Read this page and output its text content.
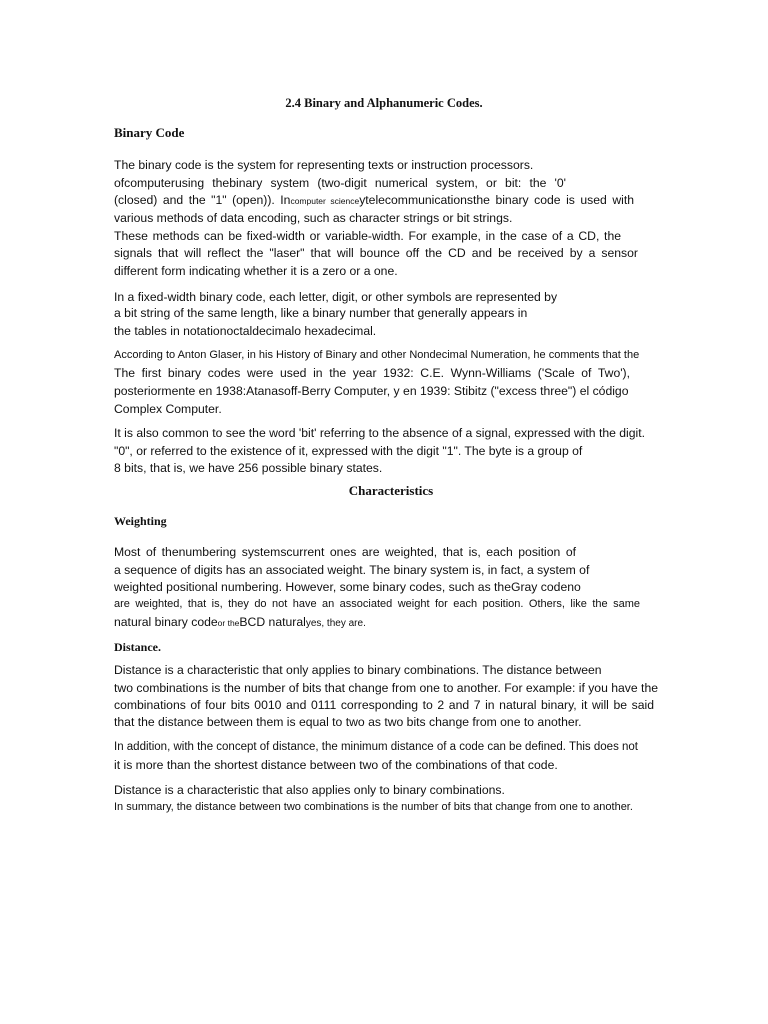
2.4 Binary and Alphanumeric Codes.
Binary Code

The binary code is the system for representing texts or instruction processors.

ofcomputerusing thebinary system (two-digit numerical system, or bit: the '0'

(closed) and the "1" (open)). Incomputer scienceytelecommunicationsthe binary code is used with

various methods of data encoding, such as character strings or bit strings.

These methods can be fixed-width or variable-width. For example, in the case of a CD, the

signals that will reflect the "laser" that will bounce off the CD and be received by a sensor

different form indicating whether it is a zero or a one.

In a fixed-width binary code, each letter, digit, or other symbols are represented by

a bit string of the same length, like a binary number that generally appears in

the tables in notationoctaldecimalo hexadecimal.

According to Anton Glaser, in his History of Binary and other Nondecimal Numeration, he comments that the

The first binary codes were used in the year 1932: C.E. Wynn-Williams ('Scale of Two'),

posteriormente en 1938:Atanasoff-Berry Computer, y en 1939: Stibitz ("excess three") el código

Complex Computer.

It is also common to see the word 'bit' referring to the absence of a signal, expressed with the digit.

"0", or referred to the existence of it, expressed with the digit "1". The byte is a group of

8 bits, that is, we have 256 possible binary states.

Characteristics
Weighting

Most of thenumbering systemscurrent ones are weighted, that is, each position of

a sequence of digits has an associated weight. The binary system is, in fact, a system of

weighted positional numbering. However, some binary codes, such as theGray codeno

are weighted, that is, they do not have an associated weight for each position. Others, like the same

natural binary codeor theBCD naturalyes, they are.

Distance.

Distance is a characteristic that only applies to binary combinations. The distance between

two combinations is the number of bits that change from one to another. For example: if you have the

combinations of four bits 0010 and 0111 corresponding to 2 and 7 in natural binary, it will be said

that the distance between them is equal to two as two bits change from one to another.

In addition, with the concept of distance, the minimum distance of a code can be defined. This does not

it is more than the shortest distance between two of the combinations of that code.

Distance is a characteristic that also applies only to binary combinations.

In summary, the distance between two combinations is the number of bits that change from one to another.
